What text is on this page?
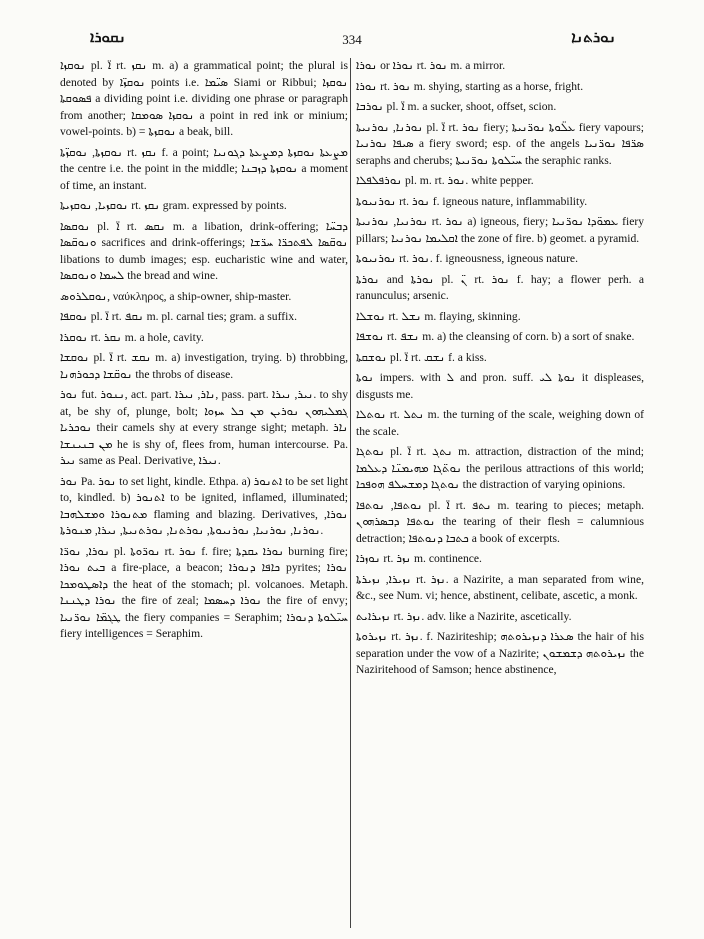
ܢܩܘܪܐ	334	ܢܘܪܬܢܐ

ܢܘܩܙܐ pl. ܐ̈ rt. ܢܩܙ m. a) a grammatical point; the plural is denoted by ܢܘܩܙ̈ܐ points i.e. ܣܝ̈ܡܐ Siami or Ribbui; ܢܘܩܙܐ ܦܣܘܩܬܐ a dividing point i.e. dividing one phrase or paragraph from another; ܢܘܩܙܐ ܣܘܡܩܐ a point in red ink or minium; vowel-points. b) = ܢܘܩܙܬܐ a beak, bill.

ܢܘܩܙܬܐ, ܢܘܩܙ̈ܬܐ rt. ܢܩܙ f. a point; ܡܨܥܬܐ ܢܘܩܙܬܐ ܕܡܨܥܬܐ ܕܓܘܢܝܐ the centre i.e. the point in the middle; ܢܘܩܙܬܐ ܕܙܒܢܐ a moment of time, an instant.

ܢܘܩܙܝܐ, ܢܘܩܙܝܬܐ rt. ܢܩܙ gram. expressed by points.

ܢܘܩܣܐ pl. ܐ̈ rt. ܢܩܣ m. a libation, drink-offering; ܕܒܚ̈ܐ ܘܢܘܩ̈ܣܐ sacrifices and drink-offerings; ܢܘܩ̈ܣܐ ܠܦܬܟܪ̈ܐ ܚܪ̈ܫܐ libations to dumb images; esp. eucharistic wine and water, ܠܚܡܐ ܘܢܘܩܣܐ the bread and wine.

ܢܘܩܠܪܘܣ, ναύκληρος, a ship-owner, ship-master.

ܢܘܩܦܐ pl. ܐ̈ rt. ܢܩܦ m. pl. carnal ties; gram. a suffix.

ܢܘܩܪܐ rt. ܢܩܪ m. a hole, cavity.

ܢܘܩܫܐ pl. ܐ̈ rt. ܢܩܫ m. a) investigation, trying. b) throbbing, ܢܘܩ̈ܫܐ ܕܟܘܪܗܢܐ the throbs of disease.

ܢܘܪ fut. ܢܢܘܪ, act. part. ܢܐܪ, ܢܝܪܐ, pass. part. ܢܝܪ, ܢܝܪܐ. to shy at, be shy of, plunge, bolt; ܓܡܠܝܗܘܢ ܢܘܪܝܢ ܡܢ ܟܠ ܚܙܘܐ ܢܘܟܪܝܐ their camels shy at every strange sight; metaph. ܢܐܪ ܡܢ ܒܢܝܢܫܐ he is shy of, flees from, human intercourse. Pa. ܢܝܪ same as Peal. Derivative, ܢܝܪܐ.

ܢܘܪ Pa. ܢܘܪ to set light, kindle. Ethpa. a) ܐܬܢܘܪ to be set light to, kindled. b) ܐܬܢܘܪ to be ignited, inflamed, illuminated; ܡܬܢܘܪܐ ܘܡܫܠܗܒܐ flaming and blazing. Derivatives, ܢܘܪܐ, ܢܘܪܢܐ, ܢܘܪܢܝܐ, ܢܘܪܢܝܘܬܐ, ܢܘܪܬܢܐ, ܢܘܪܬܢܝܬܐ, ܢܝܪܐ, ܡܢܘܪܬܐ.

ܢܘܪܐ, ܢܘܪ̈ܐ pl. ܢܘܪ̈ܘܬܐ rt. ܢܘܪ f. fire; ܢܘܪܐ ܝܩܕܬܐ burning fire; ܒܝܬ ܢܘܪܐ a fire-place, a beacon; ܟܐܦܐ ܕܢܘܪܐ pyrites; ܢܘܪܐ ܕܐܣܛܘܡܟܐ the heat of the stomach; pl. volcanoes. Metaph. ܢܘܪܐ ܕܛܢܢܐ the fire of zeal; ܢܘܪܐ ܕܚܣܡܐ the fire of envy; ܛܓܡ̈ܐ ܢܘܪ̈ܢܝܐ the fiery companies = Seraphim; ܚܝ̈ܠܘܬܐ ܕܢܘܪܐ fiery intelligences = Seraphim.

ܢܘܪܐ or ܢܘܪܐ rt. ܢܘܪ m. a mirror.

ܢܘܪܐ rt. ܢܘܪ m. shying, starting as a horse, fright.

ܢܘܪܒܐ pl. ܐ̈ m. a sucker, shoot, offset, scion.

ܢܘܪܢܐ, ܢܘܪܢܝܬܐ pl. ܐ̈ rt. ܢܘܪ fiery; ܥܠ̈ܘܬܐ ܢܘܪ̈ܢܝܬܐ fiery vapours; ܣܝܦܐ ܢܘܪܢܝܐ a fiery sword; esp. of the angels ܣܪ̈ܦܐ ܢܘܪ̈ܢܝܐ seraphs and cherubs; ܚܝ̈ܠܘܬܐ ܢܘܪ̈ܢܝܬܐ the seraphic ranks.

ܢܘܪܦܠܦܠܐ pl. m. rt. ܢܘܪ. white pepper.

ܢܘܪܢܝܘܬܐ rt. ܢܘܪ f. igneous nature, inflammability.

ܢܘܪܢܝܐ, ܢܘܪܢܝܬܐ rt. ܢܘܪ a) igneous, fiery; ܥܡܘ̈ܕܐ ܢܘܪ̈ܢܝܐ fiery pillars; ܐܩܠܝܡܐ ܢܘܪܢܝܐ the zone of fire. b) geomet. a pyramid.

ܢܘܪܢܝܘܬܐ rt. ܢܘܪ. f. igneousness, igneous nature.

ܢܘܪܬܐ and ܢܘܪܬܐ pl. ܢ̈ rt. ܢܘܪ f. hay; a flower perh. a ranunculus; arsenic.

ܢܘܫܠܐ rt. ܢܫܠ m. flaying, skinning.

ܢܘܫܦܐ rt. ܢܫܦ m. a) the cleansing of corn. b) a sort of snake.

ܢܘܫܩܬܐ pl. ܐ̈ rt. ܢܫܩ f. a kiss.

ܢܘܬܐ impers. with ܠ and pron. suff. ܢܘܬܐ ܠܝ it displeases, disgusts me.

ܢܘܬܠܐ rt. ܢܬܠ m. the turning of the scale, weighing down of the scale.

ܢܘܬܓܐ pl. ܐ̈ rt. ܢܬܓ m. attraction, distraction of the mind; ܢܘܬ̈ܓܐ ܡܗܝܡܢ̈ܐ ܕܥܠܡܐ the perilous attractions of this world; ܢܘܬܓܐ ܕܡܫܚܠܦ ܗܘܦܟܐ the distraction of varying opinions.

ܢܘܬܦܐ, ܢܘܬܦܐ pl. ܐ̈ rt. ܢܬܦ m. tearing to pieces; metaph. ܢܘܬܦܐ ܕܒܣܪܗܘܢ the tearing of their flesh = calumnious detraction; ܟܬܒܐ ܕܢܘܬܦܐ a book of excerpts.

ܢܘܙܪܐ rt. ܢܙܪ m. continence.

ܢܙܝܪܐ, ܢܙܝܪܬܐ rt. ܢܙܪ. a Nazirite, a man separated from wine, &c., see Num. vi; hence, abstinent, celibate, ascetic, a monk.

ܢܙܝܪܐܝܬ rt. ܢܙܪ. adv. like a Nazirite, ascetically.

ܢܙܝܪܘܬܐ rt. ܢܙܪ. f. Naziriteship; ܣܥܪܐ ܕܢܙܝܪܘܬܗ the hair of his separation under the vow of a Nazirite; ܢܙܝܪܘܬܗ ܕܫܡܫܘܢ the Naziritehood of Samson; hence abstinence,
